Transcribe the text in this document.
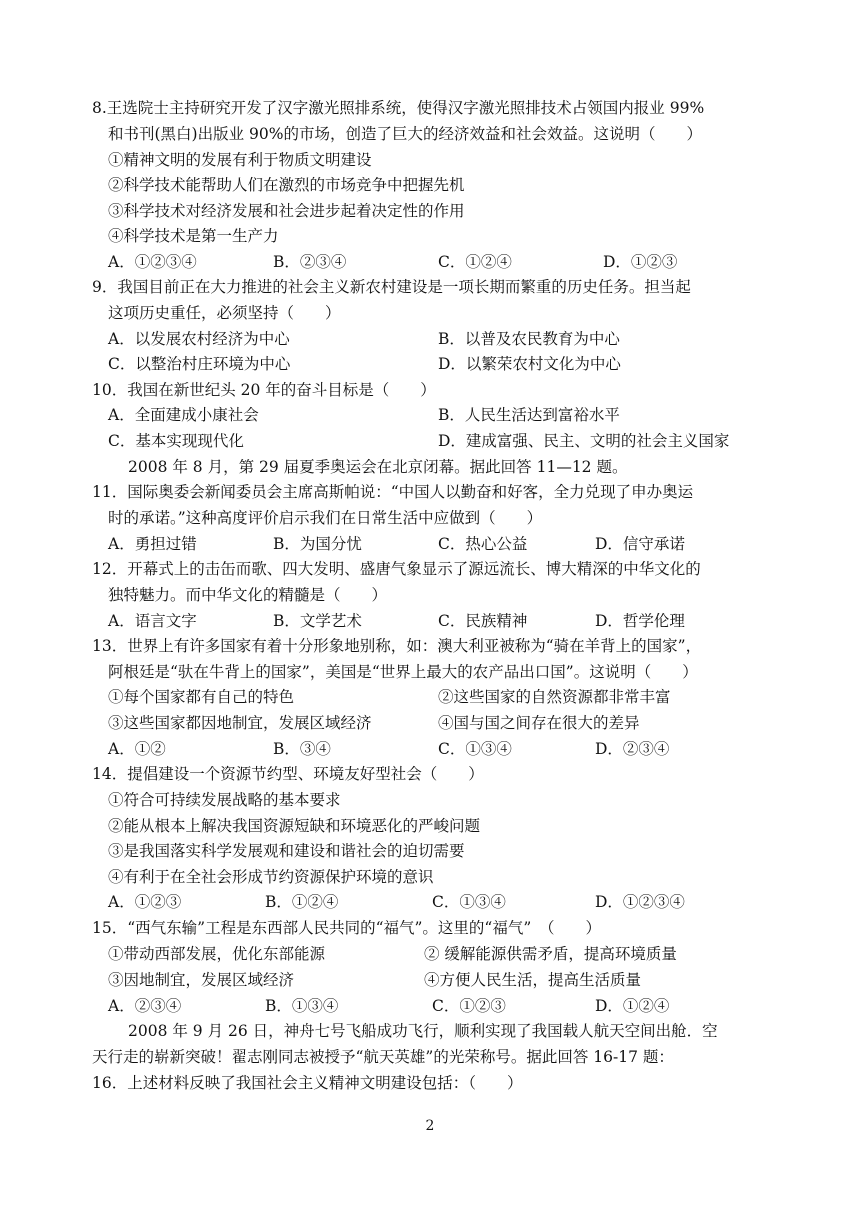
8.王选院士主持研究开发了汉字激光照排系统，使得汉字激光照排技术占领国内报业 99%
和书刊(黑白)出版业 90%的市场，创造了巨大的经济效益和社会效益。这说明（　　）
①精神文明的发展有利于物质文明建设
②科学技术能帮助人们在激烈的市场竞争中把握先机
③科学技术对经济发展和社会进步起着决定性的作用
④科学技术是第一生产力
A．①②③④	B．②③④	C．①②④	D．①②③
9．我国目前正在大力推进的社会主义新农村建设是一项长期而繁重的历史任务。担当起
这项历史重任，必须坚持（　　）
A．以发展农村经济为中心	B．以普及农民教育为中心
C．以整治村庄环境为中心	D．以繁荣农村文化为中心
10．我国在新世纪头 20 年的奋斗目标是（　　）
A．全面建成小康社会	B．人民生活达到富裕水平
C．基本实现现代化	D．建成富强、民主、文明的社会主义国家
2008 年 8 月，第 29 届夏季奥运会在北京闭幕。据此回答 11—12 题。
11．国际奥委会新闻委员会主席高斯帕说：“中国人以勤奋和好客，全力兑现了申办奥运
时的承诺。”这种高度评价启示我们在日常生活中应做到（　　）
A．勇担过错	B．为国分忧	C．热心公益	D．信守承诺
12．开幕式上的击缶而歌、四大发明、盛唐气象显示了源远流长、博大精深的中华文化的
独特魅力。而中华文化的精髓是（　　）
A．语言文字	B．文学艺术	C．民族精神	D．哲学伦理
13．世界上有许多国家有着十分形象地别称，如：澳大利亚被称为“骑在羊背上的国家”，
阿根廷是“驮在牛背上的国家”，美国是“世界上最大的农产品出口国”。这说明（　　）
①每个国家都有自己的特色	②这些国家的自然资源都非常丰富
③这些国家都因地制宜，发展区域经济	④国与国之间存在很大的差异
A．①②	B．③④	C．①③④	D．②③④
14．提倡建设一个资源节约型、环境友好型社会（　　）
①符合可持续发展战略的基本要求
②能从根本上解决我国资源短缺和环境恶化的严峻问题
③是我国落实科学发展观和建设和谐社会的迫切需要
④有利于在全社会形成节约资源保护环境的意识
A．①②③	B．①②④	C．①③④	D．①②③④
15．“西气东输”工程是东西部人民共同的“福气”。这里的“福气”　（　　）
①带动西部发展，优化东部能源	② 缓解能源供需矛盾，提高环境质量
③因地制宜，发展区域经济	④方便人民生活，提高生活质量
A．②③④	B．①③④	C．①②③	D．①②④
2008 年 9 月 26 日，神舟七号飞船成功飞行，顺利实现了我国载人航天空间出舱．空
天行走的崭新突破！翟志刚同志被授予“航天英雄”的光荣称号。据此回答 16-17 题：
16．上述材料反映了我国社会主义精神文明建设包括：（　　）
2
